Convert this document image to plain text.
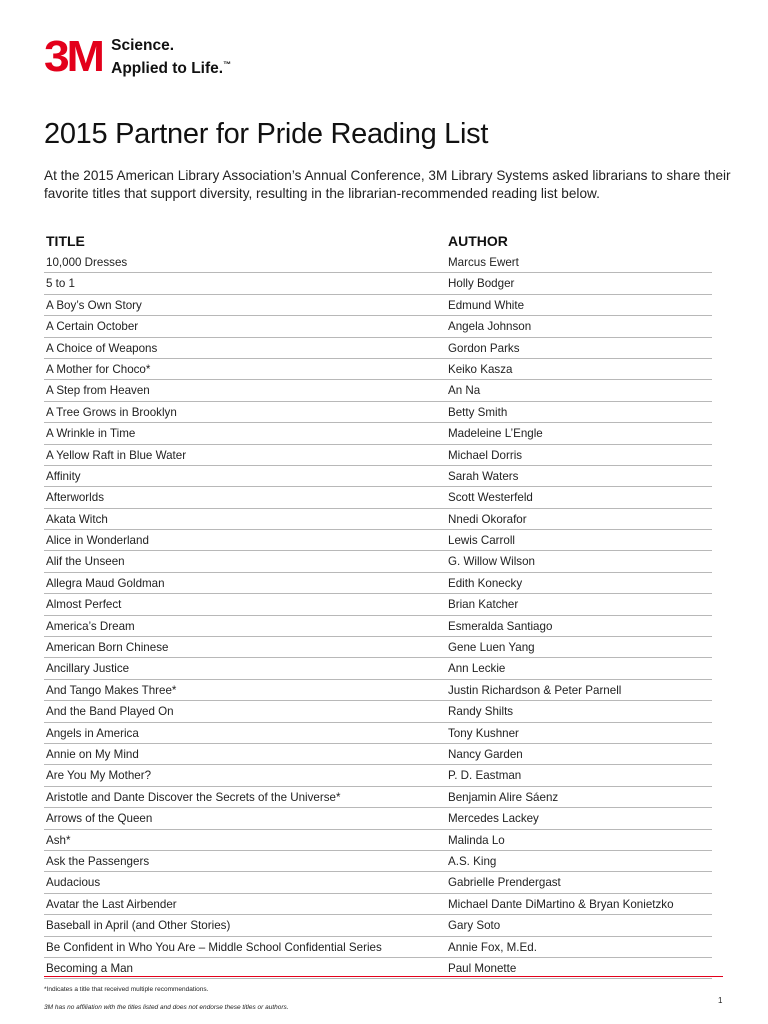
3M Science.
Applied to Life.™
2015 Partner for Pride Reading List

At the 2015 American Library Association’s Annual Conference, 3M Library Systems asked librarians to share their favorite titles that support diversity, resulting in the librarian-recommended reading list below.

TITLE	AUTHOR
10,000 Dresses	Marcus Ewert
5 to 1	Holly Bodger
A Boy’s Own Story	Edmund White
A Certain October	Angela Johnson
A Choice of Weapons	Gordon Parks
A Mother for Choco*	Keiko Kasza
A Step from Heaven	An Na
A Tree Grows in Brooklyn	Betty Smith
A Wrinkle in Time	Madeleine L’Engle
A Yellow Raft in Blue Water	Michael Dorris
Affinity	Sarah Waters
Afterworlds	Scott Westerfeld
Akata Witch	Nnedi Okorafor
Alice in Wonderland	Lewis Carroll
Alif the Unseen	G. Willow Wilson
Allegra Maud Goldman	Edith Konecky
Almost Perfect	Brian Katcher
America’s Dream	Esmeralda Santiago
American Born Chinese	Gene Luen Yang
Ancillary Justice	Ann Leckie
And Tango Makes Three*	Justin Richardson & Peter Parnell
And the Band Played On	Randy Shilts
Angels in America	Tony Kushner
Annie on My Mind	Nancy Garden
Are You My Mother?	P. D. Eastman
Aristotle and Dante Discover the Secrets of the Universe*	Benjamin Alire Sáenz
Arrows of the Queen	Mercedes Lackey
Ash*	Malinda Lo
Ask the Passengers	A.S. King
Audacious	Gabrielle Prendergast
Avatar the Last Airbender	Michael Dante DiMartino & Bryan Konietzko
Baseball in April (and Other Stories)	Gary Soto
Be Confident in Who You Are – Middle School Confidential Series	Annie Fox, M.Ed.
Becoming a Man	Paul Monette
*Indicates a title that received multiple recommendations.
3M has no affiliation with the titles listed and does not endorse these titles or authors.
1
